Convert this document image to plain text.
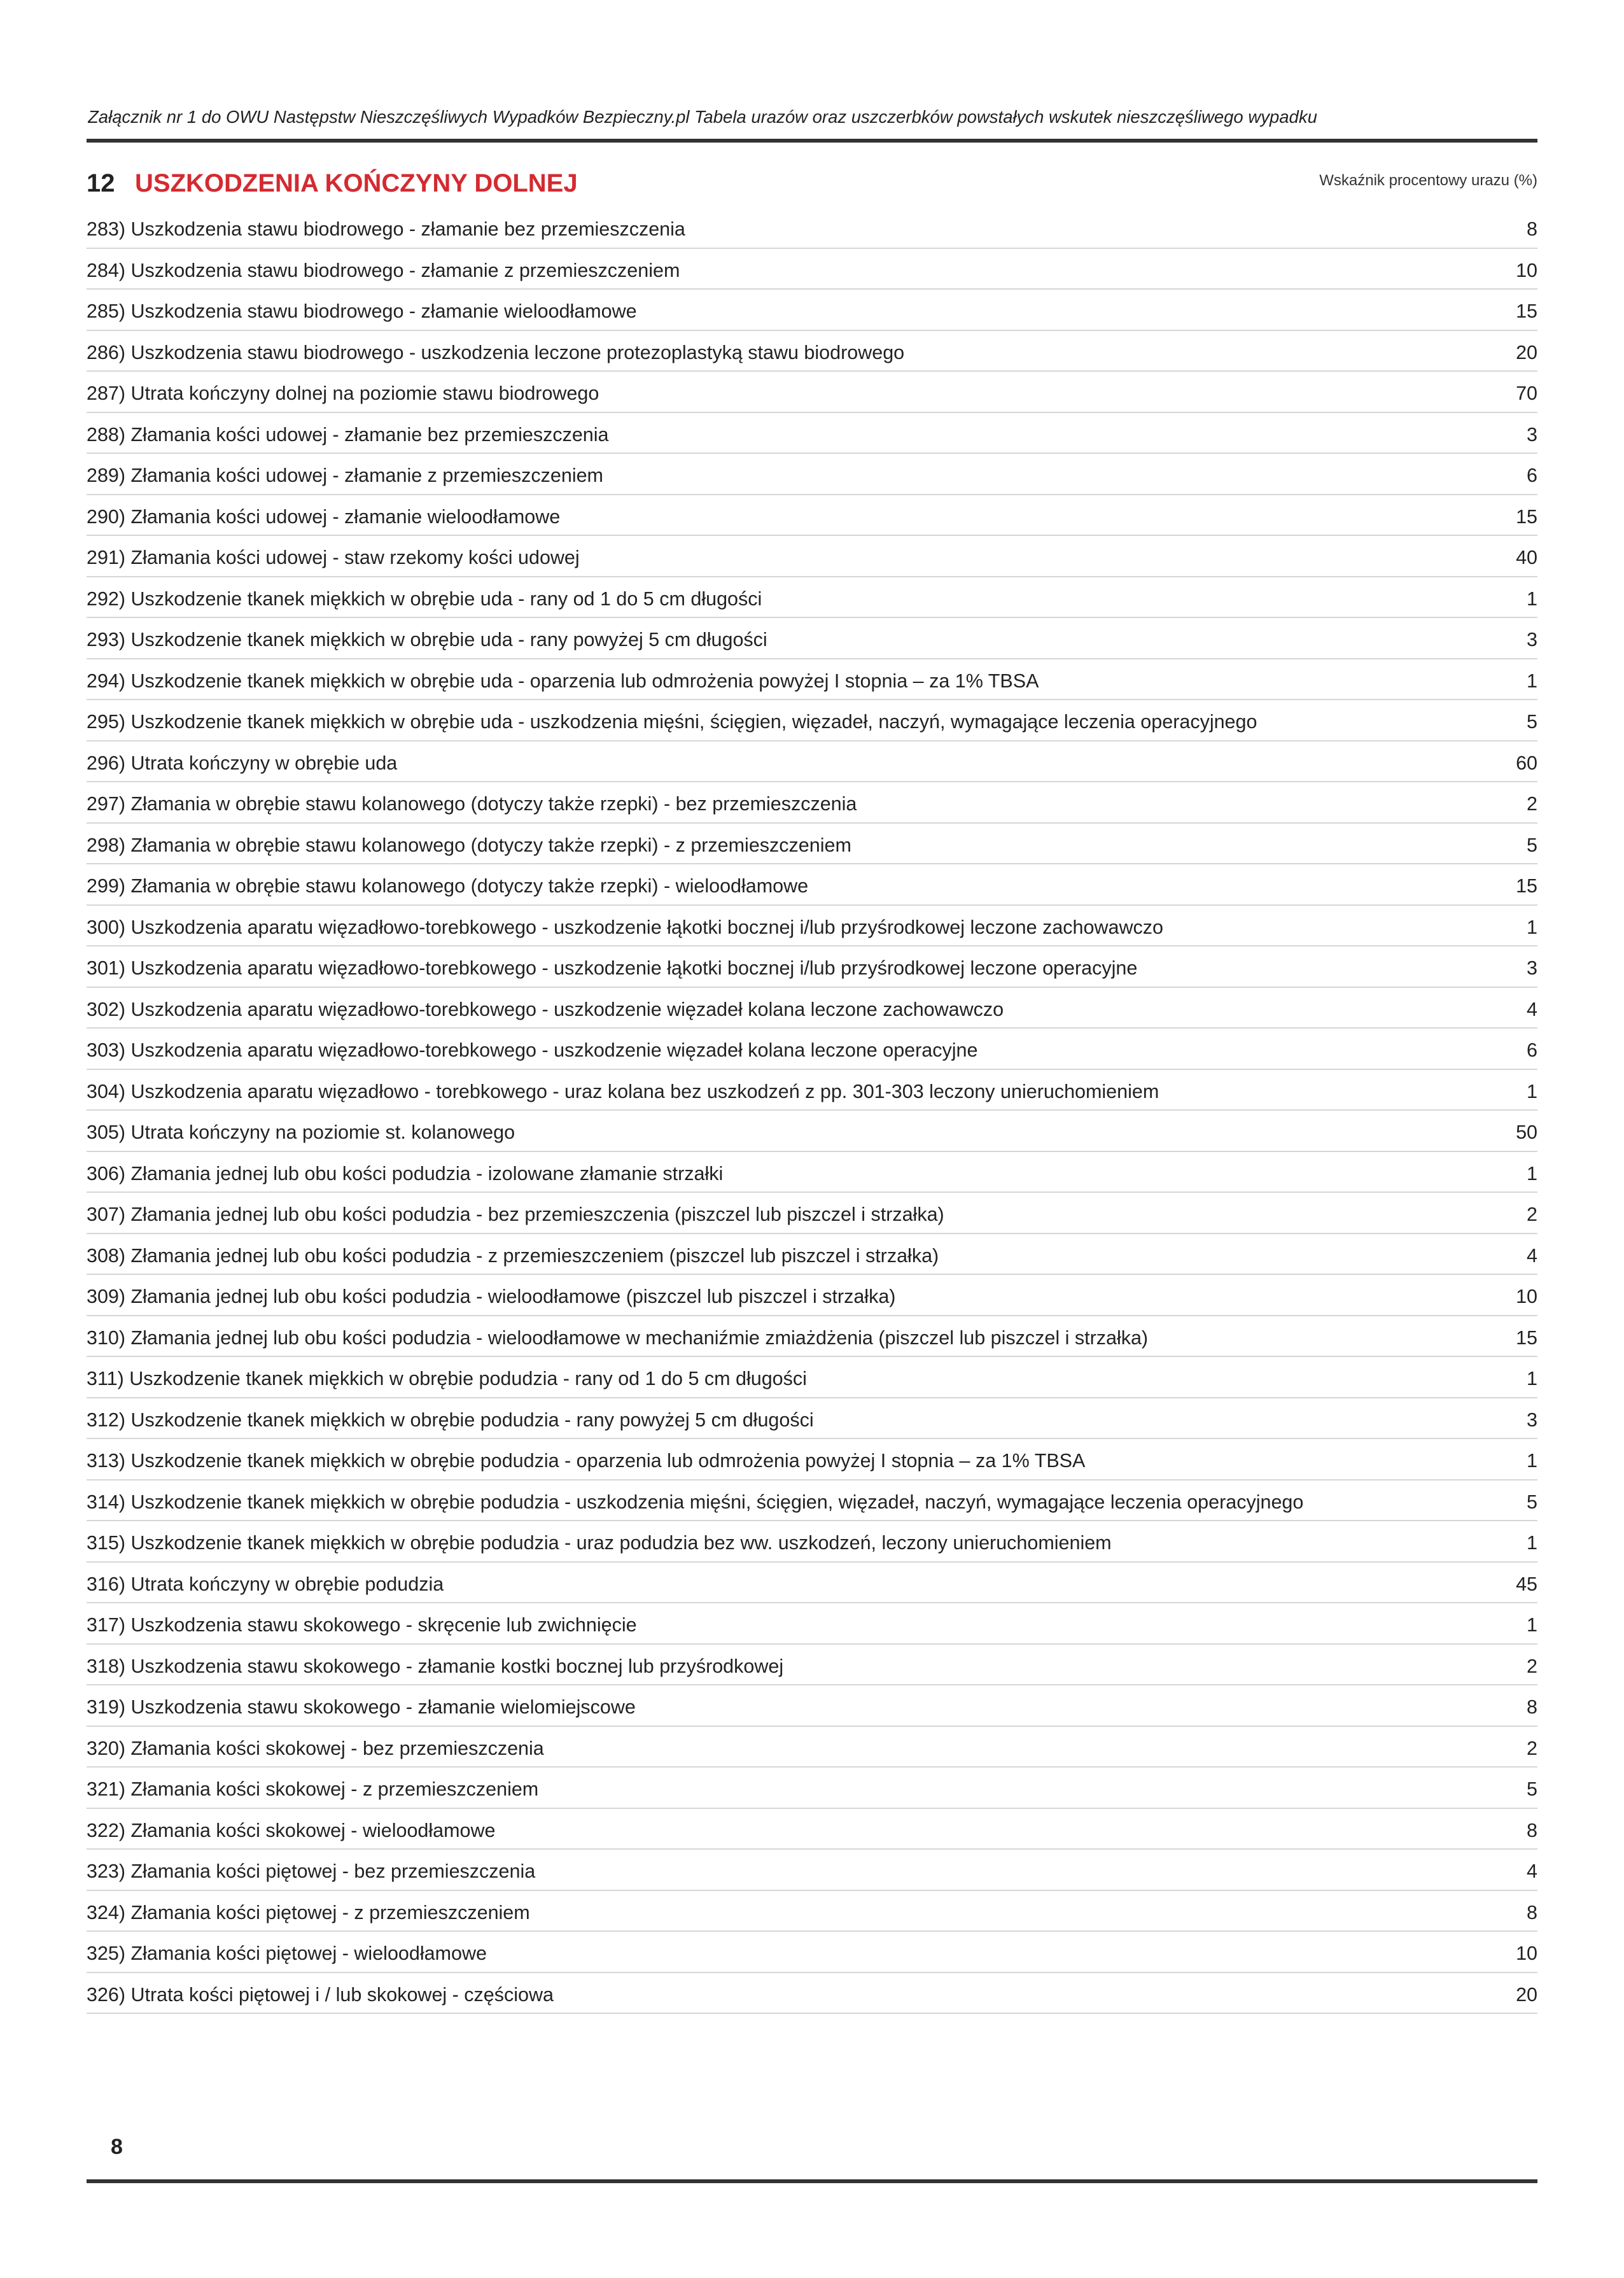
Załącznik nr 1 do OWU Następstw Nieszczęśliwych Wypadków Bezpieczny.pl Tabela urazów oraz uszczerbków powstałych wskutek nieszczęśliwego wypadku
12 USZKODZENIA KOŃCZYNY DOLNEJ	Wskaźnik procentowy urazu (%)
283) Uszkodzenia stawu biodrowego - złamanie bez przemieszczenia	8
284) Uszkodzenia stawu biodrowego - złamanie z przemieszczeniem	10
285) Uszkodzenia stawu biodrowego - złamanie wieloodłamowe	15
286) Uszkodzenia stawu biodrowego - uszkodzenia leczone protezoplastyką stawu biodrowego	20
287) Utrata kończyny dolnej na poziomie stawu biodrowego	70
288) Złamania kości udowej - złamanie bez przemieszczenia	3
289) Złamania kości udowej - złamanie z przemieszczeniem	6
290) Złamania kości udowej - złamanie wieloodłamowe	15
291) Złamania kości udowej - staw rzekomy kości udowej	40
292) Uszkodzenie tkanek miękkich w obrębie uda - rany od 1 do 5 cm długości	1
293) Uszkodzenie tkanek miękkich w obrębie uda - rany powyżej 5 cm długości	3
294) Uszkodzenie tkanek miękkich w obrębie uda - oparzenia lub odmrożenia powyżej I stopnia – za 1% TBSA	1
295) Uszkodzenie tkanek miękkich w obrębie uda - uszkodzenia mięśni, ścięgien, więzadeł, naczyń, wymagające leczenia operacyjnego	5
296) Utrata kończyny w obrębie uda	60
297) Złamania w obrębie stawu kolanowego (dotyczy także rzepki) - bez przemieszczenia	2
298) Złamania w obrębie stawu kolanowego (dotyczy także rzepki) - z przemieszczeniem	5
299) Złamania w obrębie stawu kolanowego (dotyczy także rzepki) - wieloodłamowe	15
300) Uszkodzenia aparatu więzadłowo-torebkowego - uszkodzenie łąkotki bocznej i/lub przyśrodkowej leczone zachowawczo	1
301) Uszkodzenia aparatu więzadłowo-torebkowego - uszkodzenie łąkotki bocznej i/lub przyśrodkowej leczone operacyjne	3
302) Uszkodzenia aparatu więzadłowo-torebkowego - uszkodzenie więzadeł kolana leczone zachowawczo	4
303) Uszkodzenia aparatu więzadłowo-torebkowego - uszkodzenie więzadeł kolana leczone operacyjne	6
304) Uszkodzenia aparatu więzadłowo - torebkowego - uraz kolana bez uszkodzeń z pp. 301-303 leczony unieruchomieniem	1
305) Utrata kończyny na poziomie st. kolanowego	50
306) Złamania jednej lub obu kości podudzia - izolowane złamanie strzałki	1
307) Złamania jednej lub obu kości podudzia - bez przemieszczenia (piszczel lub piszczel i strzałka)	2
308) Złamania jednej lub obu kości podudzia - z przemieszczeniem (piszczel lub piszczel i strzałka)	4
309) Złamania jednej lub obu kości podudzia - wieloodłamowe (piszczel lub piszczel i strzałka)	10
310) Złamania jednej lub obu kości podudzia - wieloodłamowe w mechaniźmie zmiażdżenia (piszczel lub piszczel i strzałka)	15
311) Uszkodzenie tkanek miękkich w obrębie podudzia - rany od 1 do 5 cm długości	1
312) Uszkodzenie tkanek miękkich w obrębie podudzia - rany powyżej 5 cm długości	3
313) Uszkodzenie tkanek miękkich w obrębie podudzia - oparzenia lub odmrożenia powyżej I stopnia – za 1% TBSA	1
314) Uszkodzenie tkanek miękkich w obrębie podudzia - uszkodzenia mięśni, ścięgien, więzadeł, naczyń, wymagające leczenia operacyjnego	5
315) Uszkodzenie tkanek miękkich w obrębie podudzia - uraz podudzia bez ww. uszkodzeń, leczony unieruchomieniem	1
316) Utrata kończyny w obrębie podudzia	45
317) Uszkodzenia stawu skokowego - skręcenie lub zwichnięcie	1
318) Uszkodzenia stawu skokowego - złamanie kostki bocznej lub przyśrodkowej	2
319) Uszkodzenia stawu skokowego - złamanie wielomiejscowe	8
320) Złamania kości skokowej - bez przemieszczenia	2
321) Złamania kości skokowej - z przemieszczeniem	5
322) Złamania kości skokowej - wieloodłamowe	8
323) Złamania kości piętowej - bez przemieszczenia	4
324) Złamania kości piętowej - z przemieszczeniem	8
325) Złamania kości piętowej - wieloodłamowe	10
326) Utrata kości piętowej i / lub skokowej - częściowa	20
8
